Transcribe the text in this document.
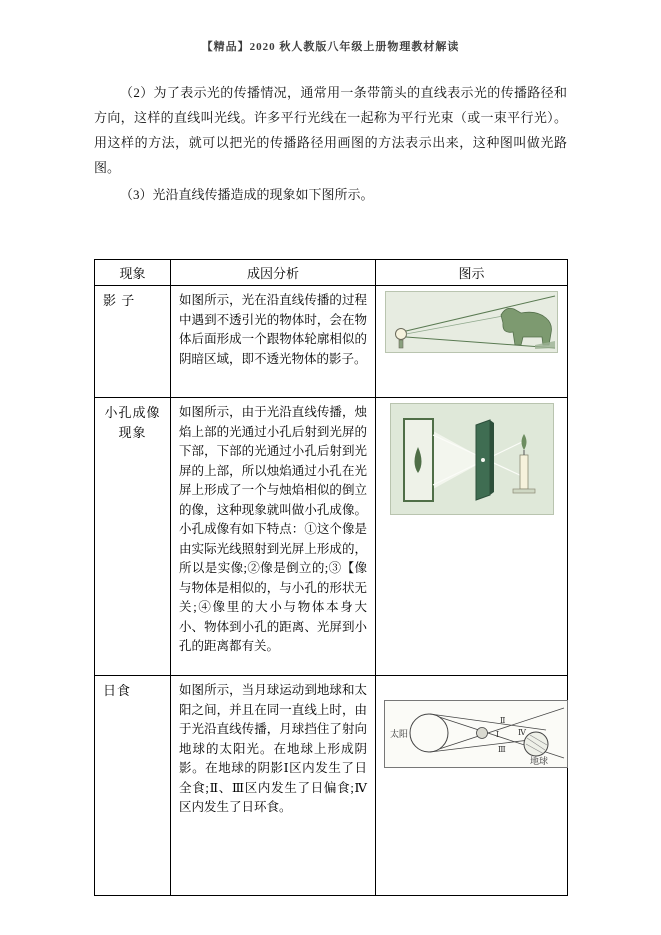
【精品】2020 秋人教版八年级上册物理教材解读

（2）为了表示光的传播情况，通常用一条带箭头的直线表示光的传播路径和方向，这样的直线叫光线。许多平行光线在一起称为平行光束（或一束平行光）。用这样的方法，就可以把光的传播路径用画图的方法表示出来，这种图叫做光路图。

（3）光沿直线传播造成的现象如下图所示。

现象	成因分析	图示
影 子	如图所示，光在沿直线传播的过程中遇到不透引光的物体时，会在物体后面形成一个跟物体轮廓相似的阴暗区域，即不透光物体的影子。	
小孔成像现象	如图所示，由于光沿直线传播，烛焰上部的光通过小孔后射到光屏的下部，下部的光通过小孔后射到光屏的上部，所以烛焰通过小孔在光屏上形成了一个与烛焰相似的倒立的像，这种现象就叫做小孔成像。小孔成像有如下特点：①这个像是由实际光线照射到光屏上形成的，所以是实像;②像是倒立的;③【像与物体是相似的，与小孔的形状无关;④像里的大小与物体本身大小、物体到小孔的距离、光屏到小孔的距离都有关。	
日食	如图所示，当月球运动到地球和太阳之间，并且在同一直线上时，由于光沿直线传播，月球挡住了射向地球的太阳光。在地球上形成阴影。在地球的阴影Ⅰ区内发生了日全食;Ⅱ、Ⅲ区内发生了日偏食;Ⅳ区内发生了日环食。	
太阳
Ⅱ
Ⅰ
Ⅲ
Ⅳ
地球
